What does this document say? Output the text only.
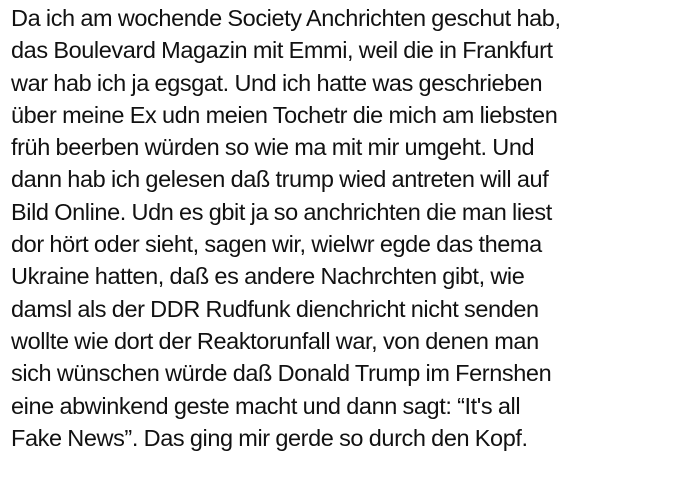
Da ich am wochende Society Anchrichten geschut hab,
das Boulevard Magazin mit Emmi, weil die in Frankfurt
war hab ich ja egsgat. Und ich hatte was geschrieben
über meine Ex udn meien Tochetr die mich am liebsten
früh beerben würden so wie ma mit mir umgeht. Und
dann hab ich gelesen daß trump wied antreten will auf
Bild Online. Udn es gbit ja so anchrichten die man liest
dor hört oder sieht, sagen wir, wielwr egde das thema
Ukraine hatten, daß es andere Nachrchten gibt, wie
damsl als der DDR Rudfunk dienchricht nicht senden
wollte wie dort der Reaktorunfall war, von denen man
sich wünschen würde daß Donald Trump im Fernshen
eine abwinkend geste macht und dann sagt: “It's all
Fake News”. Das ging mir gerde so durch den Kopf.
